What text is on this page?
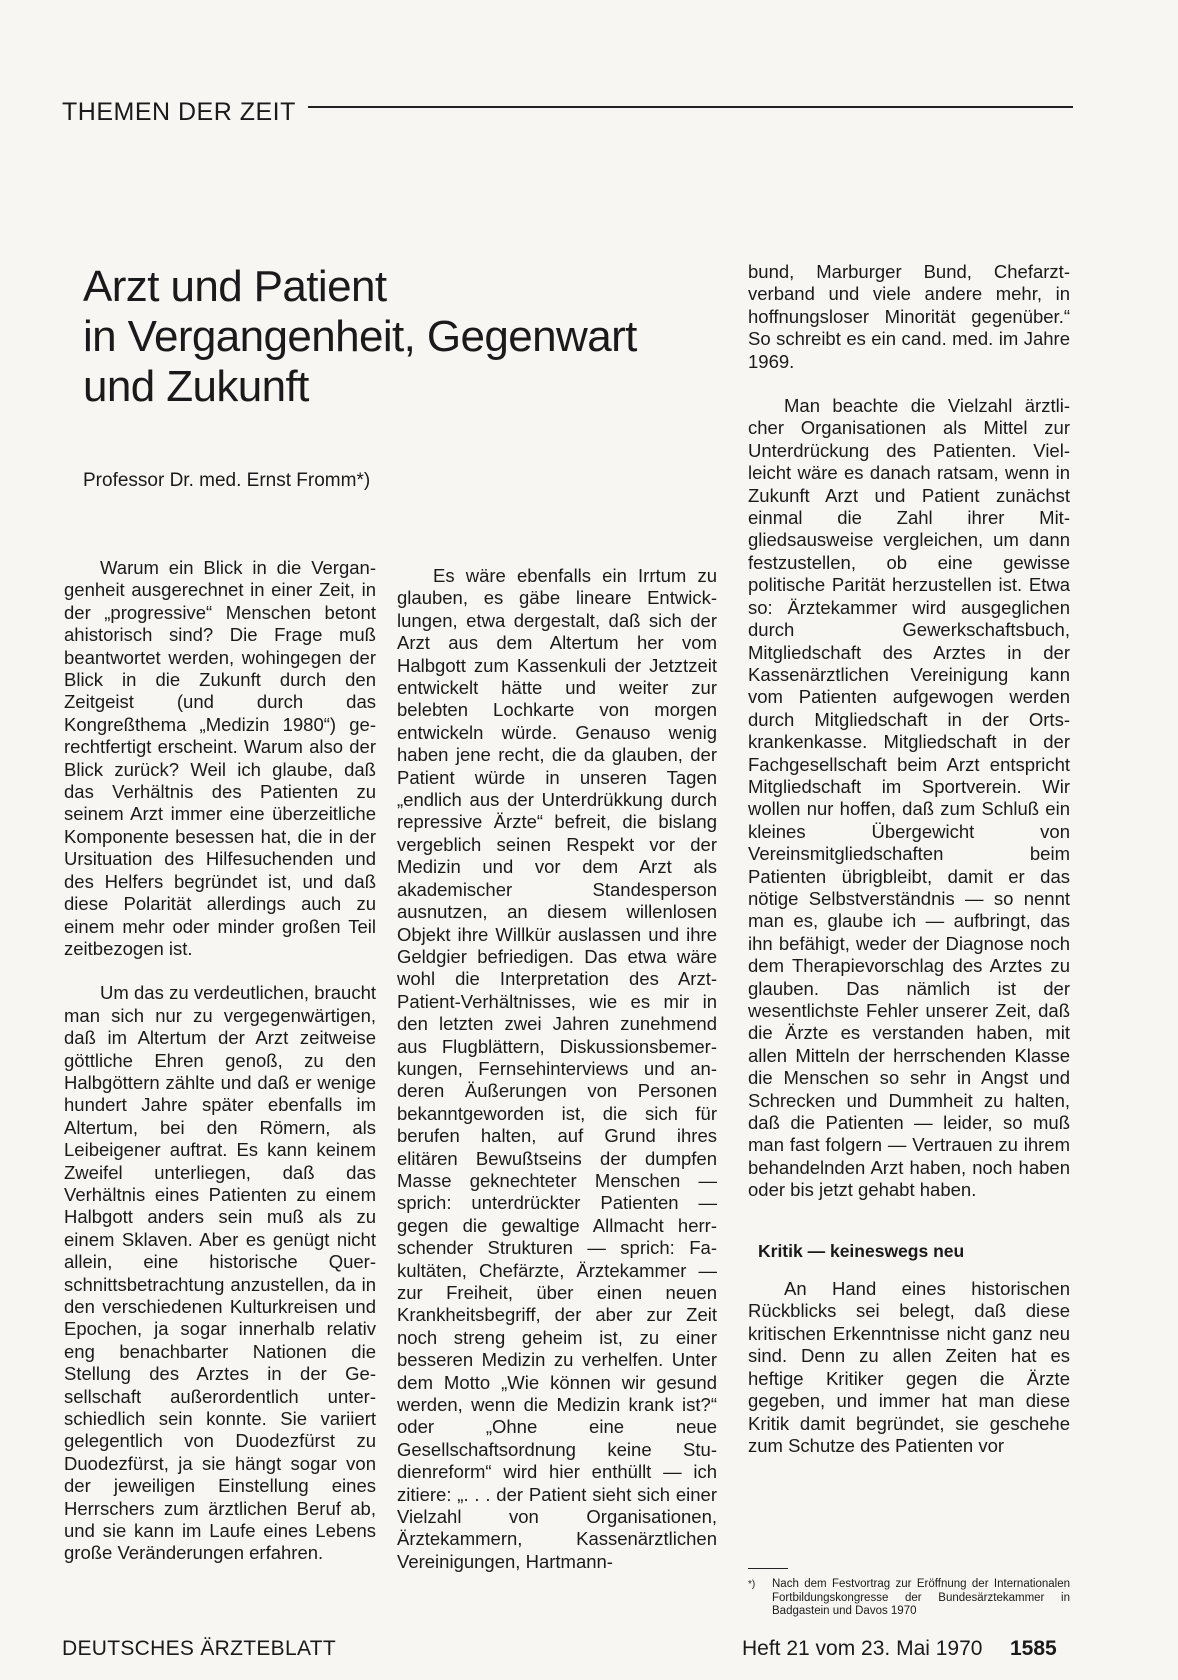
THEMEN DER ZEIT
Arzt und Patient
in Vergangenheit, Gegenwart
und Zukunft
Professor Dr. med. Ernst Fromm*)

Warum ein Blick in die Vergangenheit ausgerechnet in einer Zeit, in der „progressive“ Menschen betont ahistorisch sind? Die Frage muß beantwortet werden, wohingegen der Blick in die Zukunft durch den Zeitgeist (und durch das Kongreßthema „Medizin 1980“) gerechtfertigt erscheint. Warum also der Blick zurück? Weil ich glaube, daß das Verhältnis des Patienten zu seinem Arzt immer eine überzeitliche Komponente besessen hat, die in der Ursituation des Hilfesuchenden und des Helfers begründet ist, und daß diese Polarität allerdings auch zu einem mehr oder minder großen Teil zeitbezogen ist.

Um das zu verdeutlichen, braucht man sich nur zu vergegenwärtigen, daß im Altertum der Arzt zeitweise göttliche Ehren genoß, zu den Halbgöttern zählte und daß er wenige hundert Jahre später ebenfalls im Altertum, bei den Römern, als Leibeigener auftrat. Es kann keinem Zweifel unterliegen, daß das Verhältnis eines Patienten zu einem Halbgott anders sein muß als zu einem Sklaven. Aber es genügt nicht allein, eine historische Querschnittsbetrachtung anzustellen, da in den verschiedenen Kulturkreisen und Epochen, ja sogar innerhalb relativ eng benachbarter Nationen die Stellung des Arztes in der Gesellschaft außerordentlich unterschiedlich sein konnte. Sie variiert gelegentlich von Duodezfürst zu Duodezfürst, ja sie hängt sogar von der jeweiligen Einstellung eines Herrschers zum ärztlichen Beruf ab, und sie kann im Laufe eines Lebens große Veränderungen erfahren.

Es wäre ebenfalls ein Irrtum zu glauben, es gäbe lineare Entwicklungen, etwa dergestalt, daß sich der Arzt aus dem Altertum her vom Halbgott zum Kassenkuli der Jetztzeit entwickelt hätte und weiter zur belebten Lochkarte von morgen entwickeln würde. Genauso wenig haben jene recht, die da glauben, der Patient würde in unseren Tagen „endlich aus der Unterdrükkung durch repressive Ärzte“ befreit, die bislang vergeblich seinen Respekt vor der Medizin und vor dem Arzt als akademischer Standesperson ausnutzen, an diesem willenlosen Objekt ihre Willkür auslassen und ihre Geldgier befriedigen. Das etwa wäre wohl die Interpretation des Arzt-Patient-Verhältnisses, wie es mir in den letzten zwei Jahren zunehmend aus Flugblättern, Diskussionsbemerkungen, Fernsehinterviews und anderen Äußerungen von Personen bekanntgeworden ist, die sich für berufen halten, auf Grund ihres elitären Bewußtseins der dumpfen Masse geknechteter Menschen — sprich: unterdrückter Patienten — gegen die gewaltige Allmacht herrschender Strukturen — sprich: Fakultäten, Chefärzte, Ärztekammer — zur Freiheit, über einen neuen Krankheitsbegriff, der aber zur Zeit noch streng geheim ist, zu einer besseren Medizin zu verhelfen. Unter dem Motto „Wie können wir gesund werden, wenn die Medizin krank ist?“ oder „Ohne eine neue Gesellschaftsordnung keine Studienreform“ wird hier enthüllt — ich zitiere: „. . . der Patient sieht sich einer Vielzahl von Organisationen, Ärztekammern, Kassenärztlichen Vereinigungen, Hartmann-

bund, Marburger Bund, Chefarztverband und viele andere mehr, in hoffnungsloser Minorität gegenüber.“ So schreibt es ein cand. med. im Jahre 1969.

Man beachte die Vielzahl ärztlicher Organisationen als Mittel zur Unterdrückung des Patienten. Vielleicht wäre es danach ratsam, wenn in Zukunft Arzt und Patient zunächst einmal die Zahl ihrer Mitgliedsausweise vergleichen, um dann festzustellen, ob eine gewisse politische Parität herzustellen ist. Etwa so: Ärztekammer wird ausgeglichen durch Gewerkschaftsbuch, Mitgliedschaft des Arztes in der Kassenärztlichen Vereinigung kann vom Patienten aufgewogen werden durch Mitgliedschaft in der Ortskrankenkasse. Mitgliedschaft in der Fachgesellschaft beim Arzt entspricht Mitgliedschaft im Sportverein. Wir wollen nur hoffen, daß zum Schluß ein kleines Übergewicht von Vereinsmitgliedschaften beim Patienten übrigbleibt, damit er das nötige Selbstverständnis — so nennt man es, glaube ich — aufbringt, das ihn befähigt, weder der Diagnose noch dem Therapievorschlag des Arztes zu glauben. Das nämlich ist der wesentlichste Fehler unserer Zeit, daß die Ärzte es verstanden haben, mit allen Mitteln der herrschenden Klasse die Menschen so sehr in Angst und Schrecken und Dummheit zu halten, daß die Patienten — leider, so muß man fast folgern — Vertrauen zu ihrem behandelnden Arzt haben, noch haben oder bis jetzt gehabt haben.

Kritik — keineswegs neu

An Hand eines historischen Rückblicks sei belegt, daß diese kritischen Erkenntnisse nicht ganz neu sind. Denn zu allen Zeiten hat es heftige Kritiker gegen die Ärzte gegeben, und immer hat man diese Kritik damit begründet, sie geschehe zum Schutze des Patienten vor

*)	Nach dem Festvortrag zur Eröffnung der Internationalen Fortbildungskongresse der Bundesärztekammer in Badgastein und Davos 1970
DEUTSCHES ÄRZTEBLATT	Heft 21 vom 23. Mai 1970 1585
